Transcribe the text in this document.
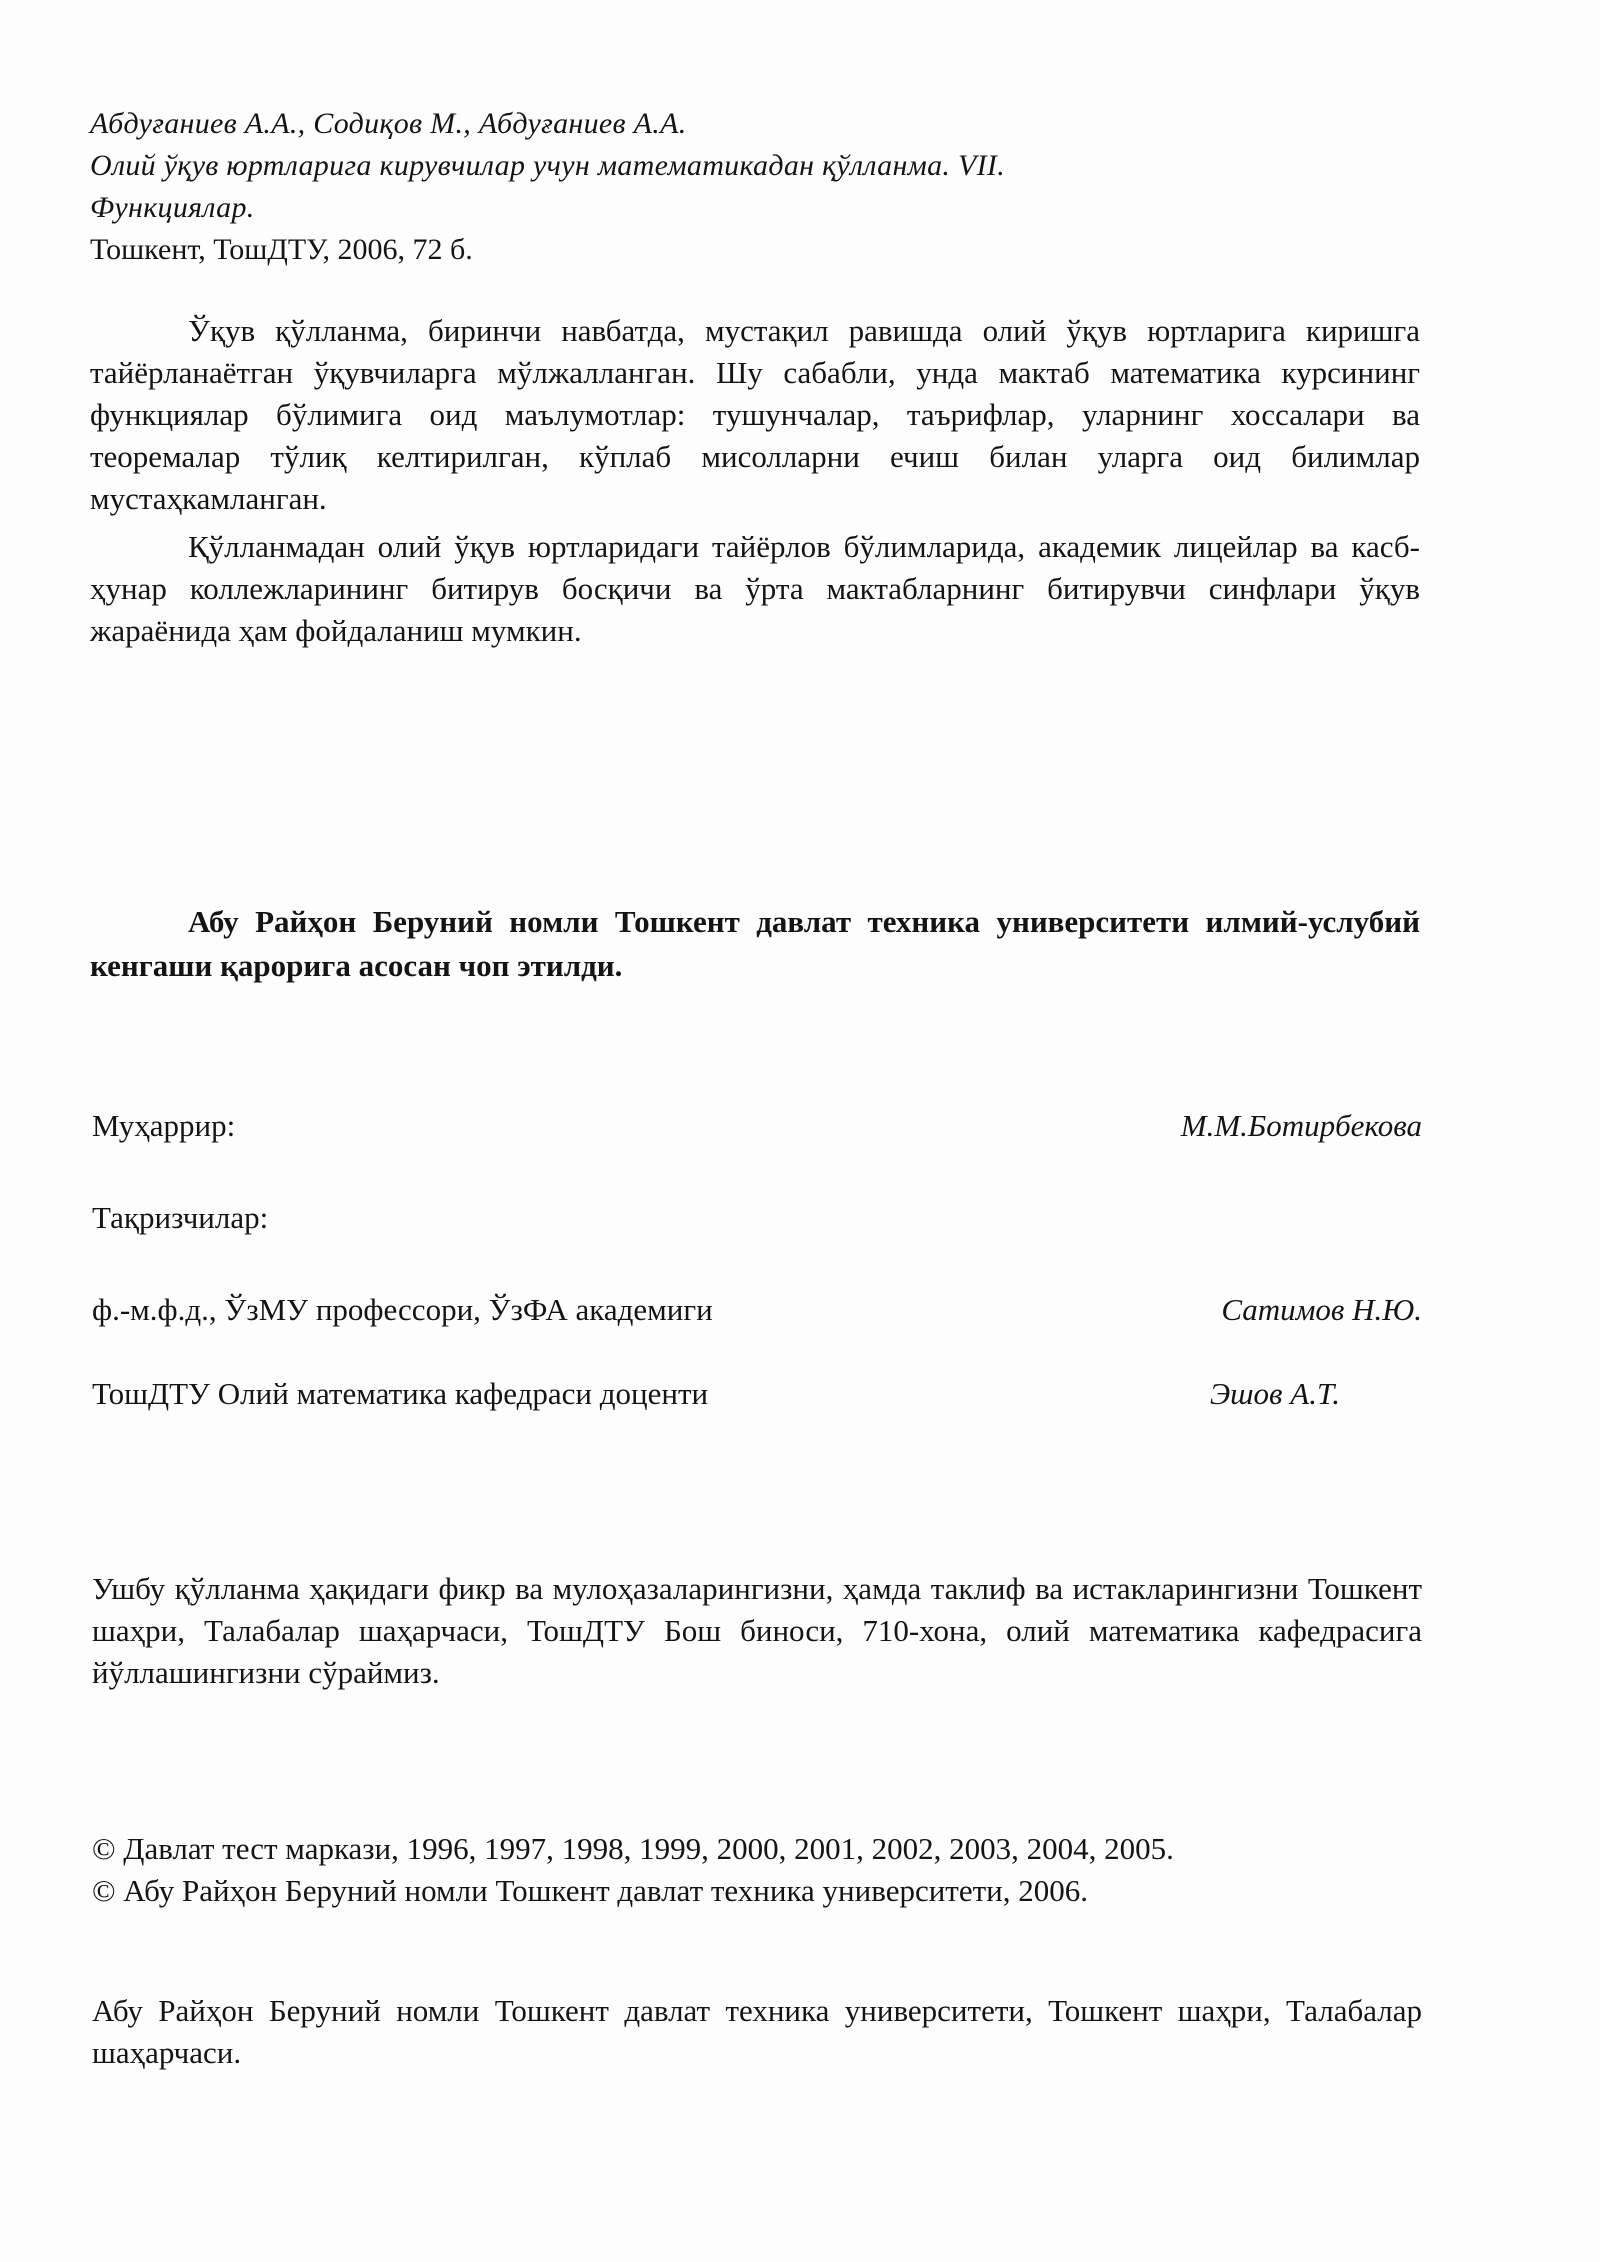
Абдуғаниев А.А., Содиқов М., Абдуғаниев А.А.
Олий ўқув юртларига кирувчилар учун математикадан қўлланма. VII.
Функциялар.
Тошкент, ТошДТУ, 2006, 72 б.

Ўқув қўлланма, биринчи навбатда, мустақил равишда олий ўқув юртларига киришга тайёрланаётган ўқувчиларга мўлжалланган. Шу сабабли, унда мактаб математика курсининг функциялар бўлимига оид маълумотлар: тушунчалар, таърифлар, уларнинг хоссалари ва теоремалар тўлиқ келтирилган, кўплаб мисолларни ечиш билан уларга оид билимлар мустаҳкамланган.

Қўлланмадан олий ўқув юртларидаги тайёрлов бўлимларида, академик лицейлар ва касб-ҳунар коллежларининг битирув босқичи ва ўрта мактабларнинг битирувчи синфлари ўқув жараёнида ҳам фойдаланиш мумкин.

Абу Райҳон Беруний номли Тошкент давлат техника университети илмий-услубий кенгаши қарорига асосан чоп этилди.
Муҳаррир:	М.М.Ботирбекова
Тақризчилар:
ф.-м.ф.д., ЎзМУ профессори, ЎзФА академиги	Сатимов Н.Ю.
ТошДТУ Олий математика кафедраси доценти	Эшов А.Т.
Ушбу қўлланма ҳақидаги фикр ва мулоҳазаларингизни, ҳамда таклиф ва истакларингизни Тошкент шаҳри, Талабалар шаҳарчаси, ТошДТУ Бош биноси, 710-хона, олий математика кафедрасига йўллашингизни сўраймиз.

© Давлат тест маркази, 1996, 1997, 1998, 1999, 2000, 2001, 2002, 2003, 2004, 2005.

© Абу Райҳон Беруний номли Тошкент давлат техника университети, 2006.

Абу Райҳон Беруний номли Тошкент давлат техника университети, Тошкент шаҳри, Талабалар шаҳарчаси.
